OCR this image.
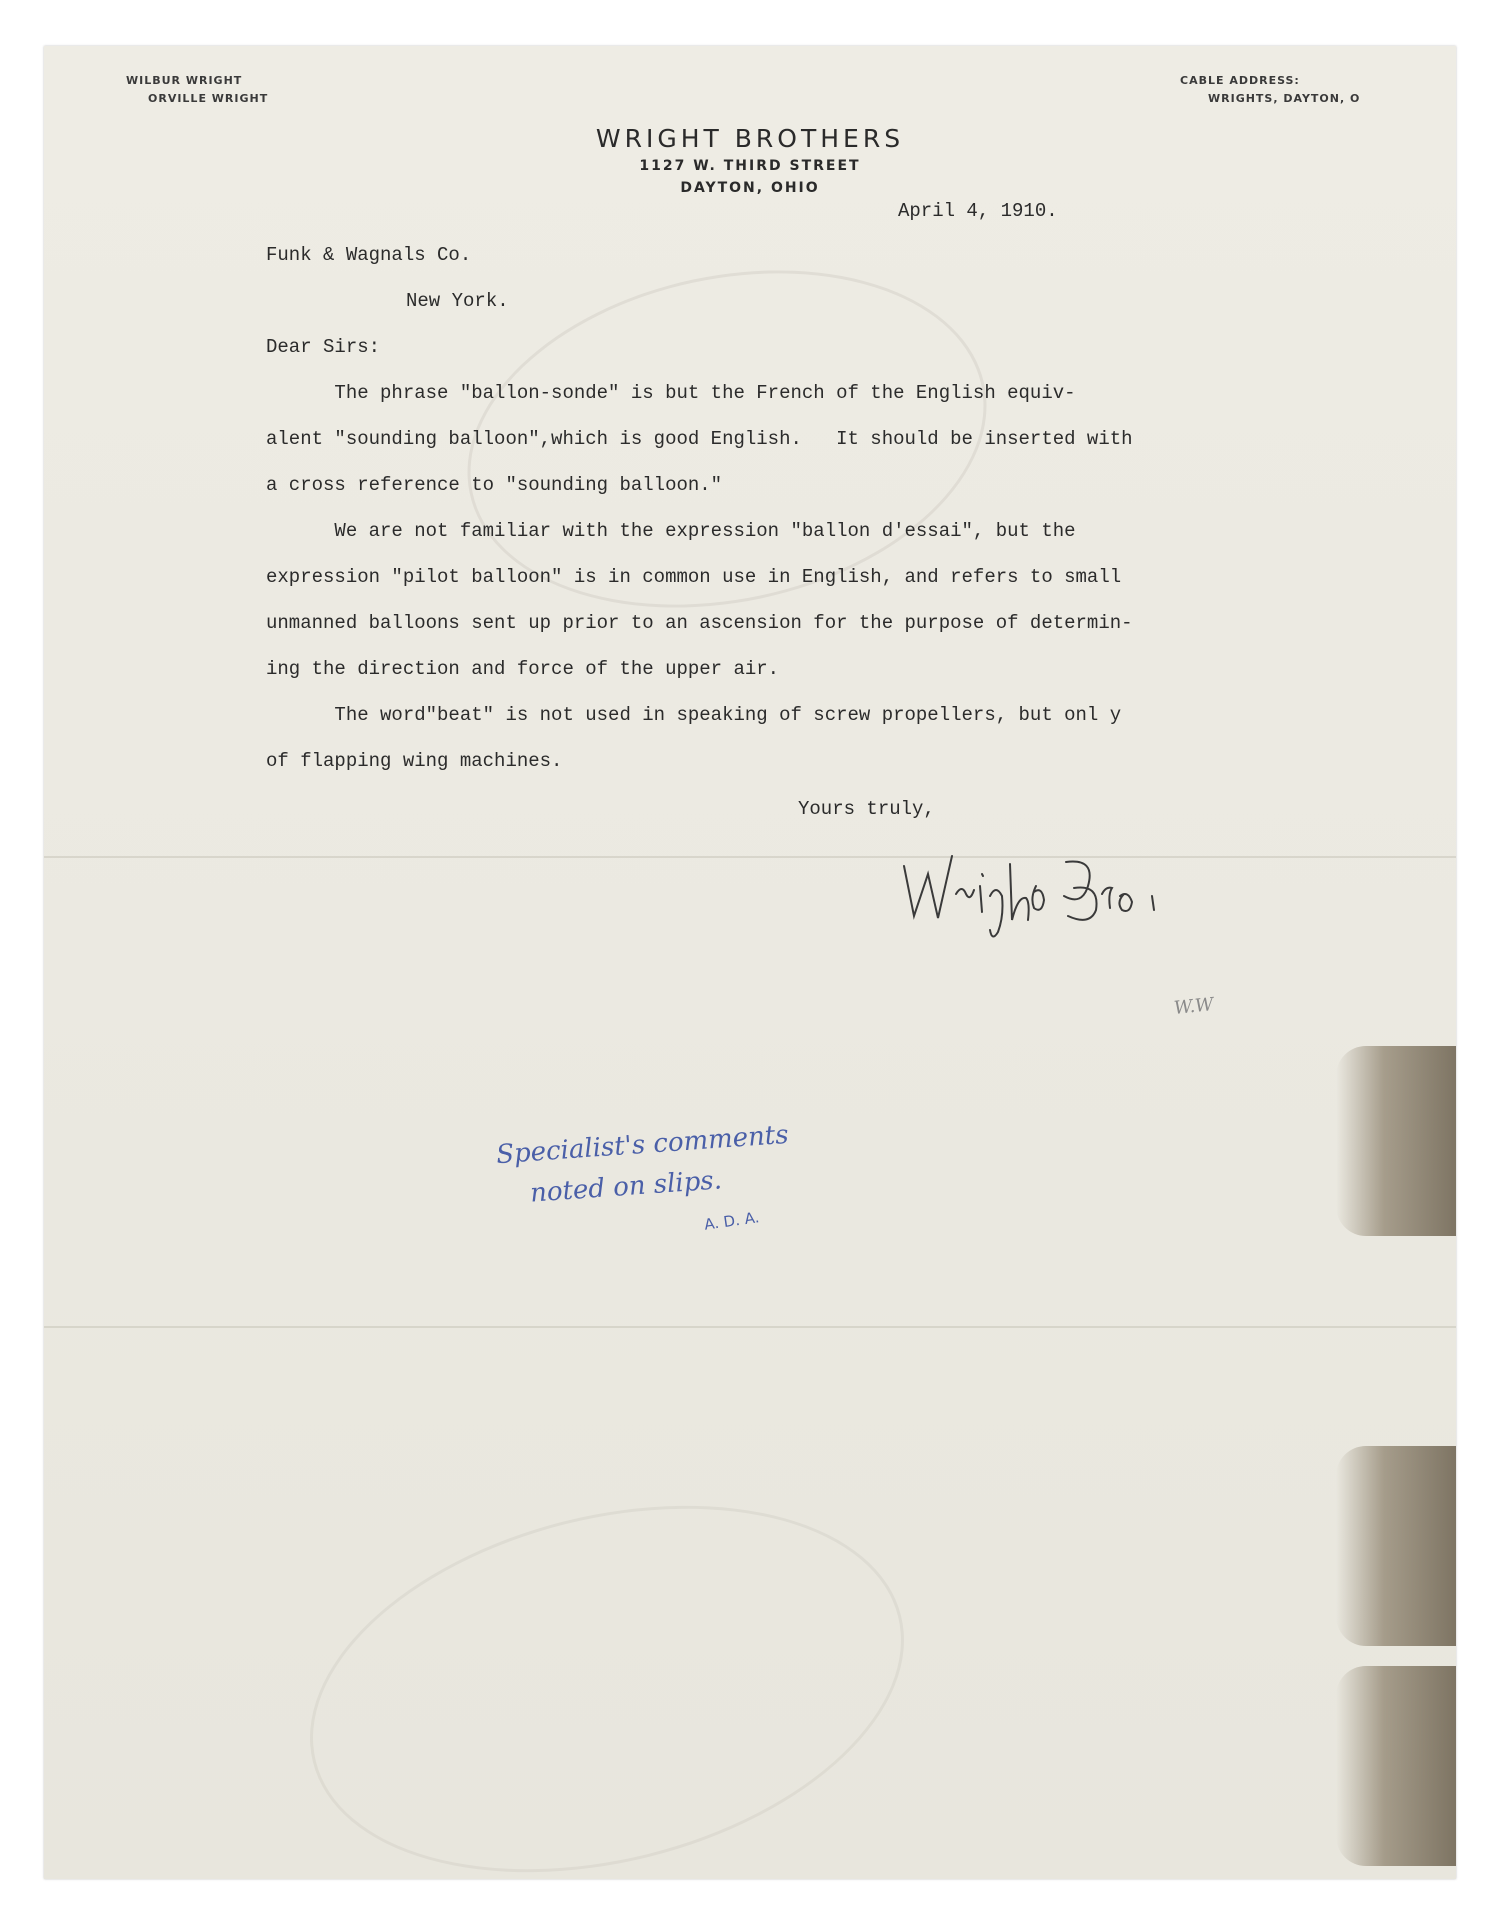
WILBUR WRIGHT
ORVILLE WRIGHT
CABLE ADDRESS:
WRIGHTS, DAYTON, O
WRIGHT BROTHERS
1127 W. THIRD STREET
DAYTON, OHIO
April 4, 1910.
Funk & Wagnals Co.
New York.
Dear Sirs:
The phrase "ballon-sonde" is but the French of the English equiv-
alent "sounding balloon",which is good English.   It should be inserted with
a cross reference to "sounding balloon."
We are not familiar with the expression "ballon d'essai", but the
expression "pilot balloon" is in common use in English, and refers to small
unmanned balloons sent up prior to an ascension for the purpose of determin-
ing the direction and force of the upper air.
The word"beat" is not used in speaking of screw propellers, but onl y
of flapping wing machines.
Yours truly,
W.W
Specialist's comments
noted on slips.
A. D. A.
